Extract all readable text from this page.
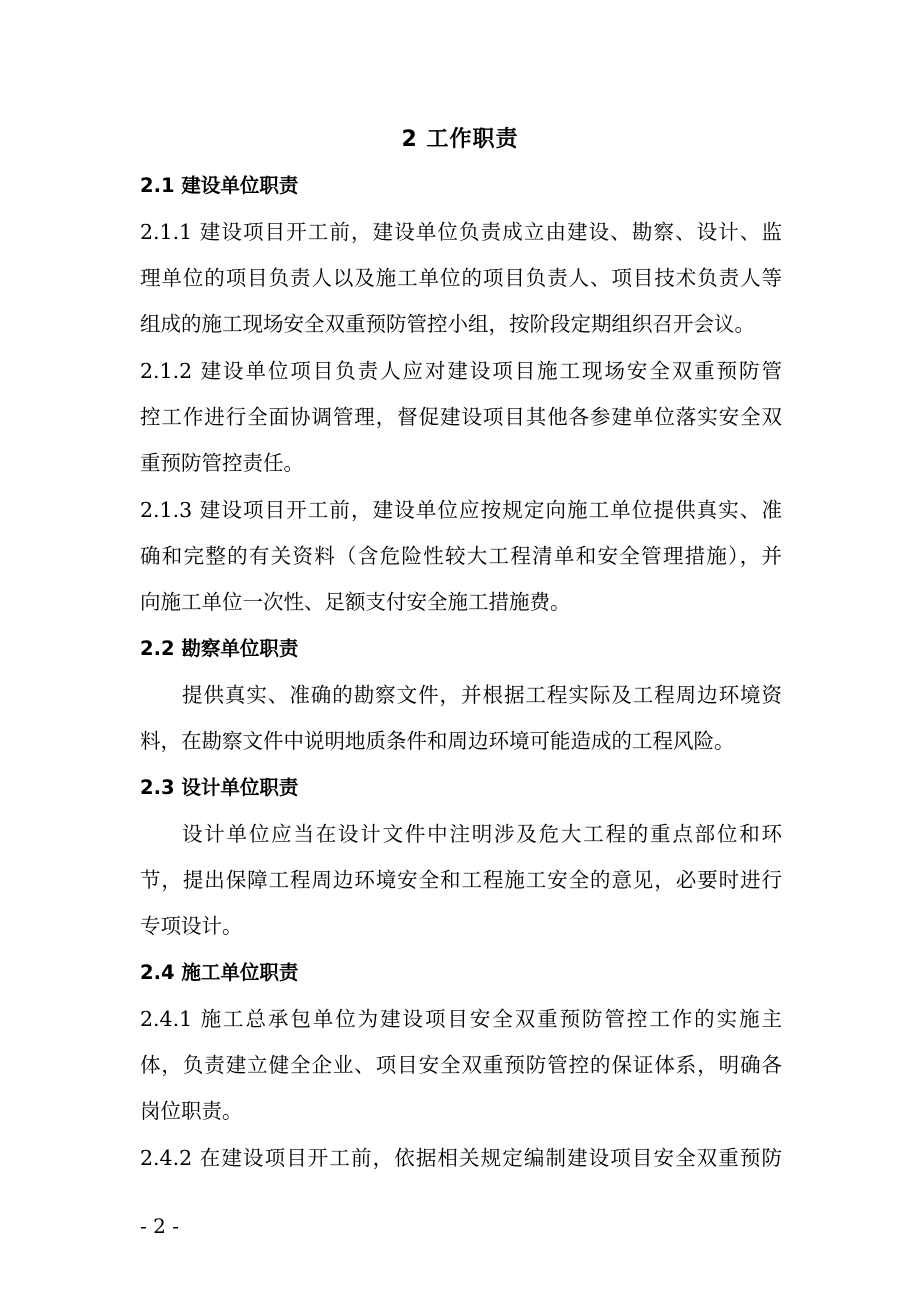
2 工作职责
2.1 建设单位职责
2.1.1 建设项目开工前，建设单位负责成立由建设、勘察、设计、监
理单位的项目负责人以及施工单位的项目负责人、项目技术负责人等
组成的施工现场安全双重预防管控小组，按阶段定期组织召开会议。
2.1.2 建设单位项目负责人应对建设项目施工现场安全双重预防管
控工作进行全面协调管理，督促建设项目其他各参建单位落实安全双
重预防管控责任。
2.1.3 建设项目开工前，建设单位应按规定向施工单位提供真实、准
确和完整的有关资料（含危险性较大工程清单和安全管理措施），并
向施工单位一次性、足额支付安全施工措施费。
2.2 勘察单位职责
提供真实、准确的勘察文件，并根据工程实际及工程周边环境资
料，在勘察文件中说明地质条件和周边环境可能造成的工程风险。
2.3 设计单位职责
设计单位应当在设计文件中注明涉及危大工程的重点部位和环
节，提出保障工程周边环境安全和工程施工安全的意见，必要时进行
专项设计。
2.4 施工单位职责
2.4.1 施工总承包单位为建设项目安全双重预防管控工作的实施主
体，负责建立健全企业、项目安全双重预防管控的保证体系，明确各
岗位职责。
2.4.2 在建设项目开工前，依据相关规定编制建设项目安全双重预防
- 2 -
